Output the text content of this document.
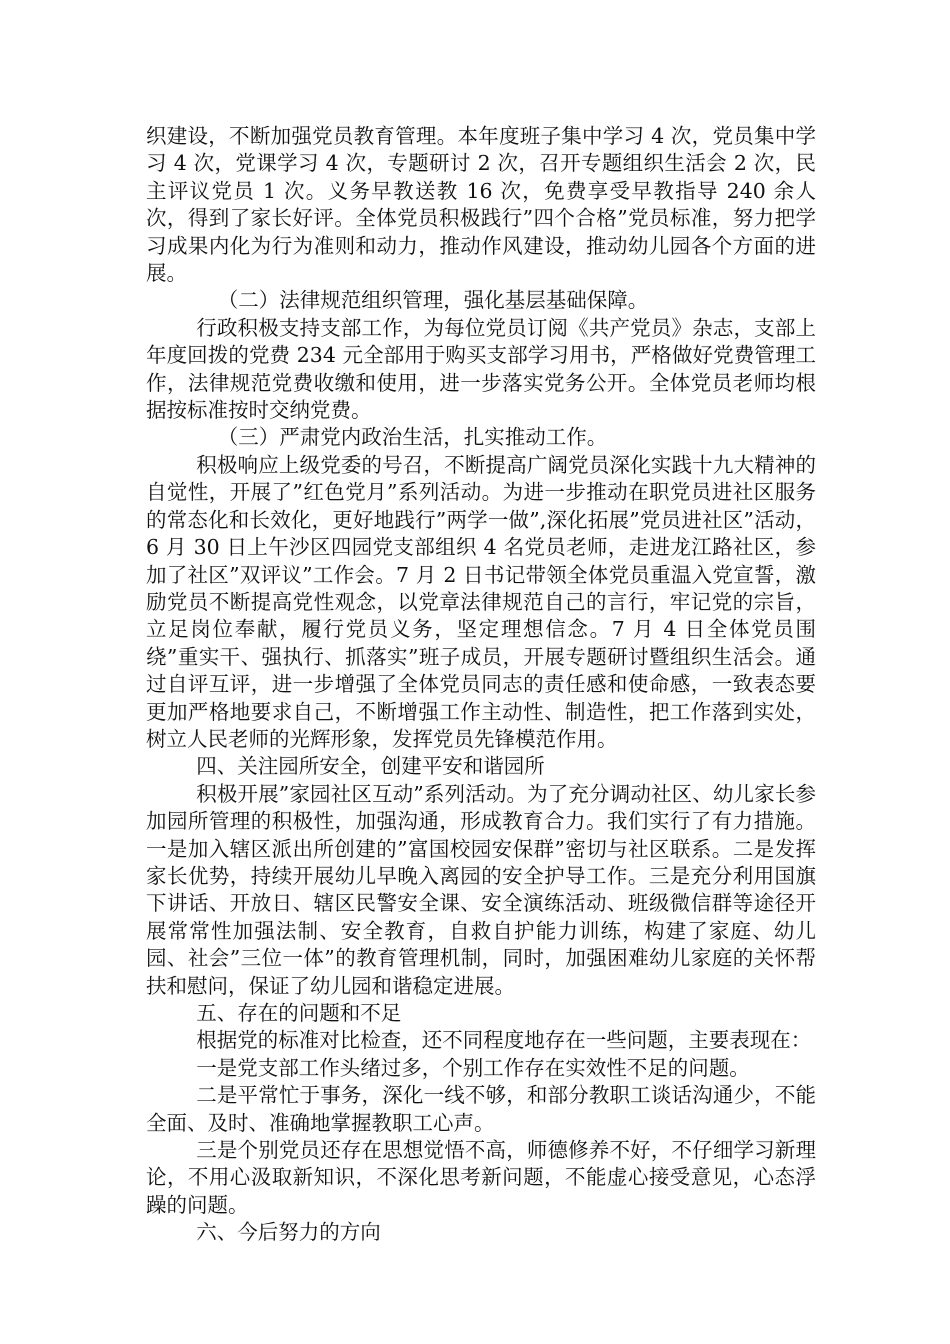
织建设，不断加强党员教育管理。本年度班子集中学习 4 次，党员集中学习 4 次，党课学习 4 次，专题研讨 2 次，召开专题组织生活会 2 次，民主评议党员 1 次。义务早教送教 16 次，免费享受早教指导 240 余人次，得到了家长好评。全体党员积极践行”四个合格”党员标准，努力把学习成果内化为行为准则和动力，推动作风建设，推动幼儿园各个方面的进展。

（二）法律规范组织管理，强化基层基础保障。

行政积极支持支部工作，为每位党员订阅《共产党员》杂志，支部上年度回拨的党费 234 元全部用于购买支部学习用书，严格做好党费管理工作，法律规范党费收缴和使用，进一步落实党务公开。全体党员老师均根据按标准按时交纳党费。

（三）严肃党内政治生活，扎实推动工作。

积极响应上级党委的号召，不断提高广阔党员深化实践十九大精神的自觉性，开展了”红色党月”系列活动。为进一步推动在职党员进社区服务的常态化和长效化，更好地践行”两学一做”,深化拓展”党员进社区”活动，6 月 30 日上午沙区四园党支部组织 4 名党员老师，走进龙江路社区，参加了社区”双评议”工作会。7 月 2 日书记带领全体党员重温入党宣誓，激励党员不断提高党性观念，以党章法律规范自己的言行，牢记党的宗旨，立足岗位奉献，履行党员义务，坚定理想信念。7 月 4 日全体党员围绕”重实干、强执行、抓落实”班子成员，开展专题研讨暨组织生活会。通过自评互评，进一步增强了全体党员同志的责任感和使命感，一致表态要更加严格地要求自己，不断增强工作主动性、制造性，把工作落到实处，树立人民老师的光辉形象，发挥党员先锋模范作用。

四、关注园所安全，创建平安和谐园所

积极开展”家园社区互动”系列活动。为了充分调动社区、幼儿家长参加园所管理的积极性，加强沟通，形成教育合力。我们实行了有力措施。一是加入辖区派出所创建的”富国校园安保群”密切与社区联系。二是发挥家长优势，持续开展幼儿早晚入离园的安全护导工作。三是充分利用国旗下讲话、开放日、辖区民警安全课、安全演练活动、班级微信群等途径开展常常性加强法制、安全教育，自救自护能力训练，构建了家庭、幼儿园、社会”三位一体”的教育管理机制，同时，加强困难幼儿家庭的关怀帮扶和慰问，保证了幼儿园和谐稳定进展。

五、存在的问题和不足

根据党的标准对比检查，还不同程度地存在一些问题，主要表现在：

一是党支部工作头绪过多，个别工作存在实效性不足的问题。

二是平常忙于事务，深化一线不够，和部分教职工谈话沟通少，不能全面、及时、准确地掌握教职工心声。

三是个别党员还存在思想觉悟不高，师德修养不好，不仔细学习新理论，不用心汲取新知识，不深化思考新问题，不能虚心接受意见，心态浮躁的问题。

六、今后努力的方向
